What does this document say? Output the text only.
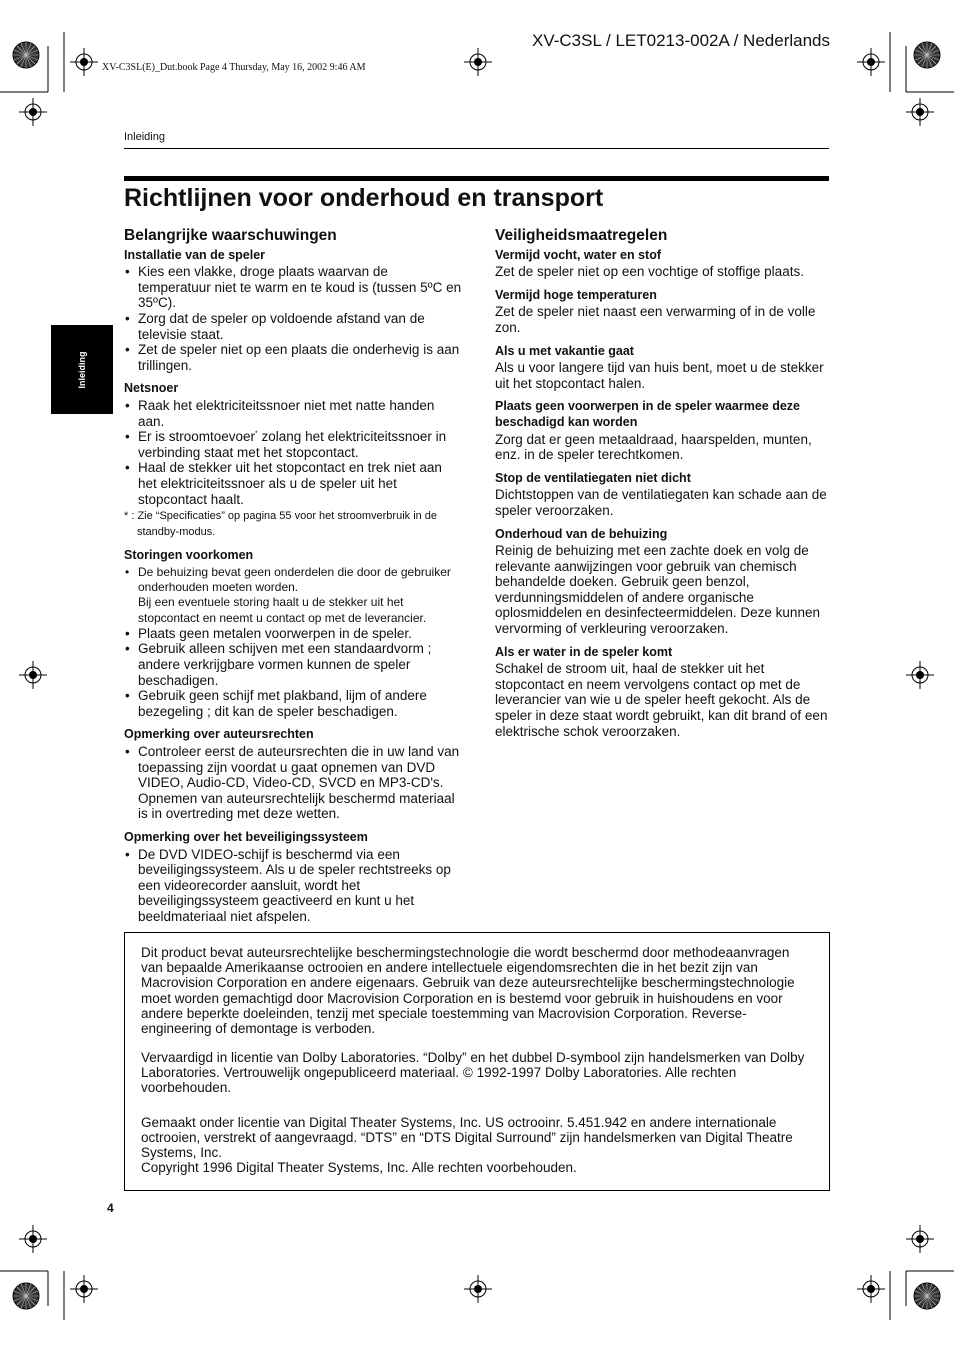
XV-C3SL / LET0213-002A / Nederlands
XV-C3SL(E)_Dut.book Page 4 Thursday, May 16, 2002 9:46 AM
Inleiding
Richtlijnen voor onderhoud en transport
Inleiding
Belangrijke waarschuwingen
Installatie van de speler
• Kies een vlakke, droge plaats waarvan de temperatuur niet te warm en te koud is (tussen 5ºC en 35ºC).
• Zorg dat de speler op voldoende afstand van de televisie staat.
• Zet de speler niet op een plaats die onderhevig is aan trillingen.
Netsnoer
• Raak het elektriciteitssnoer niet met natte handen aan.
• Er is stroomtoevoer* zolang het elektriciteitssnoer in verbinding staat met het stopcontact.
• Haal de stekker uit het stopcontact en trek niet aan het elektriciteitssnoer als u de speler uit het stopcontact haalt.

* : Zie “Specificaties” op pagina 55 voor het stroomverbruik in de standby-modus.

Storingen voorkomen
• De behuizing bevat geen onderdelen die door de gebruiker onderhouden moeten worden.
Bij een eventuele storing haalt u de stekker uit het stopcontact en neemt u contact op met de leverancier.
• Plaats geen metalen voorwerpen in de speler.
• Gebruik alleen schijven met een standaardvorm ; andere verkrijgbare vormen kunnen de speler beschadigen.
• Gebruik geen schijf met plakband, lijm of andere bezegeling ; dit kan de speler beschadigen.
Opmerking over auteursrechten
• Controleer eerst de auteursrechten die in uw land van toepassing zijn voordat u gaat opnemen van DVD VIDEO, Audio-CD, Video-CD, SVCD en MP3-CD's. Opnemen van auteursrechtelijk beschermd materiaal is in overtreding met deze wetten.
Opmerking over het beveiligingssysteem
• De DVD VIDEO-schijf is beschermd via een beveiligingssysteem. Als u de speler rechtstreeks op een videorecorder aansluit, wordt het beveiligingssysteem geactiveerd en kunt u het beeldmateriaal niet afspelen.
Veiligheidsmaatregelen
Vermijd vocht, water en stof

Zet de speler niet op een vochtige of stoffige plaats.

Vermijd hoge temperaturen

Zet de speler niet naast een verwarming of in de volle zon.

Als u met vakantie gaat

Als u voor langere tijd van huis bent, moet u de stekker uit het stopcontact halen.

Plaats geen voorwerpen in de speler waarmee deze beschadigd kan worden

Zorg dat er geen metaaldraad, haarspelden, munten, enz. in de speler terechtkomen.

Stop de ventilatiegaten niet dicht

Dichtstoppen van de ventilatiegaten kan schade aan de speler veroorzaken.

Onderhoud van de behuizing

Reinig de behuizing met een zachte doek en volg de relevante aanwijzingen voor gebruik van chemisch behandelde doeken. Gebruik geen benzol, verdunningsmiddelen of andere organische oplosmiddelen en desinfecteermiddelen. Deze kunnen vervorming of verkleuring veroorzaken.

Als er water in de speler komt

Schakel de stroom uit, haal de stekker uit het stopcontact en neem vervolgens contact op met de leverancier van wie u de speler heeft gekocht. Als de speler in deze staat wordt gebruikt, kan dit brand of een elektrische schok veroorzaken.

Dit product bevat auteursrechtelijke beschermingstechnologie die wordt beschermd door methodeaanvragen van bepaalde Amerikaanse octrooien en andere intellectuele eigendomsrechten die in het bezit zijn van Macrovision Corporation en andere eigenaars. Gebruik van deze auteursrechtelijke beschermingstechnologie moet worden gemachtigd door Macrovision Corporation en is bestemd voor gebruik in huishoudens en voor andere beperkte doeleinden, tenzij met speciale toestemming van Macrovision Corporation. Reverse-engineering of demontage is verboden.

Vervaardigd in licentie van Dolby Laboratories. “Dolby” en het dubbel D-symbool zijn handelsmerken van Dolby Laboratories. Vertrouwelijk ongepubliceerd materiaal. © 1992-1997 Dolby Laboratories. Alle rechten voorbehouden.

Gemaakt onder licentie van Digital Theater Systems, Inc. US octrooinr. 5.451.942 en andere internationale octrooien, verstrekt of aangevraagd. “DTS” en “DTS Digital Surround” zijn handelsmerken van Digital Theatre Systems, Inc.

Copyright 1996 Digital Theater Systems, Inc. Alle rechten voorbehouden.

4
